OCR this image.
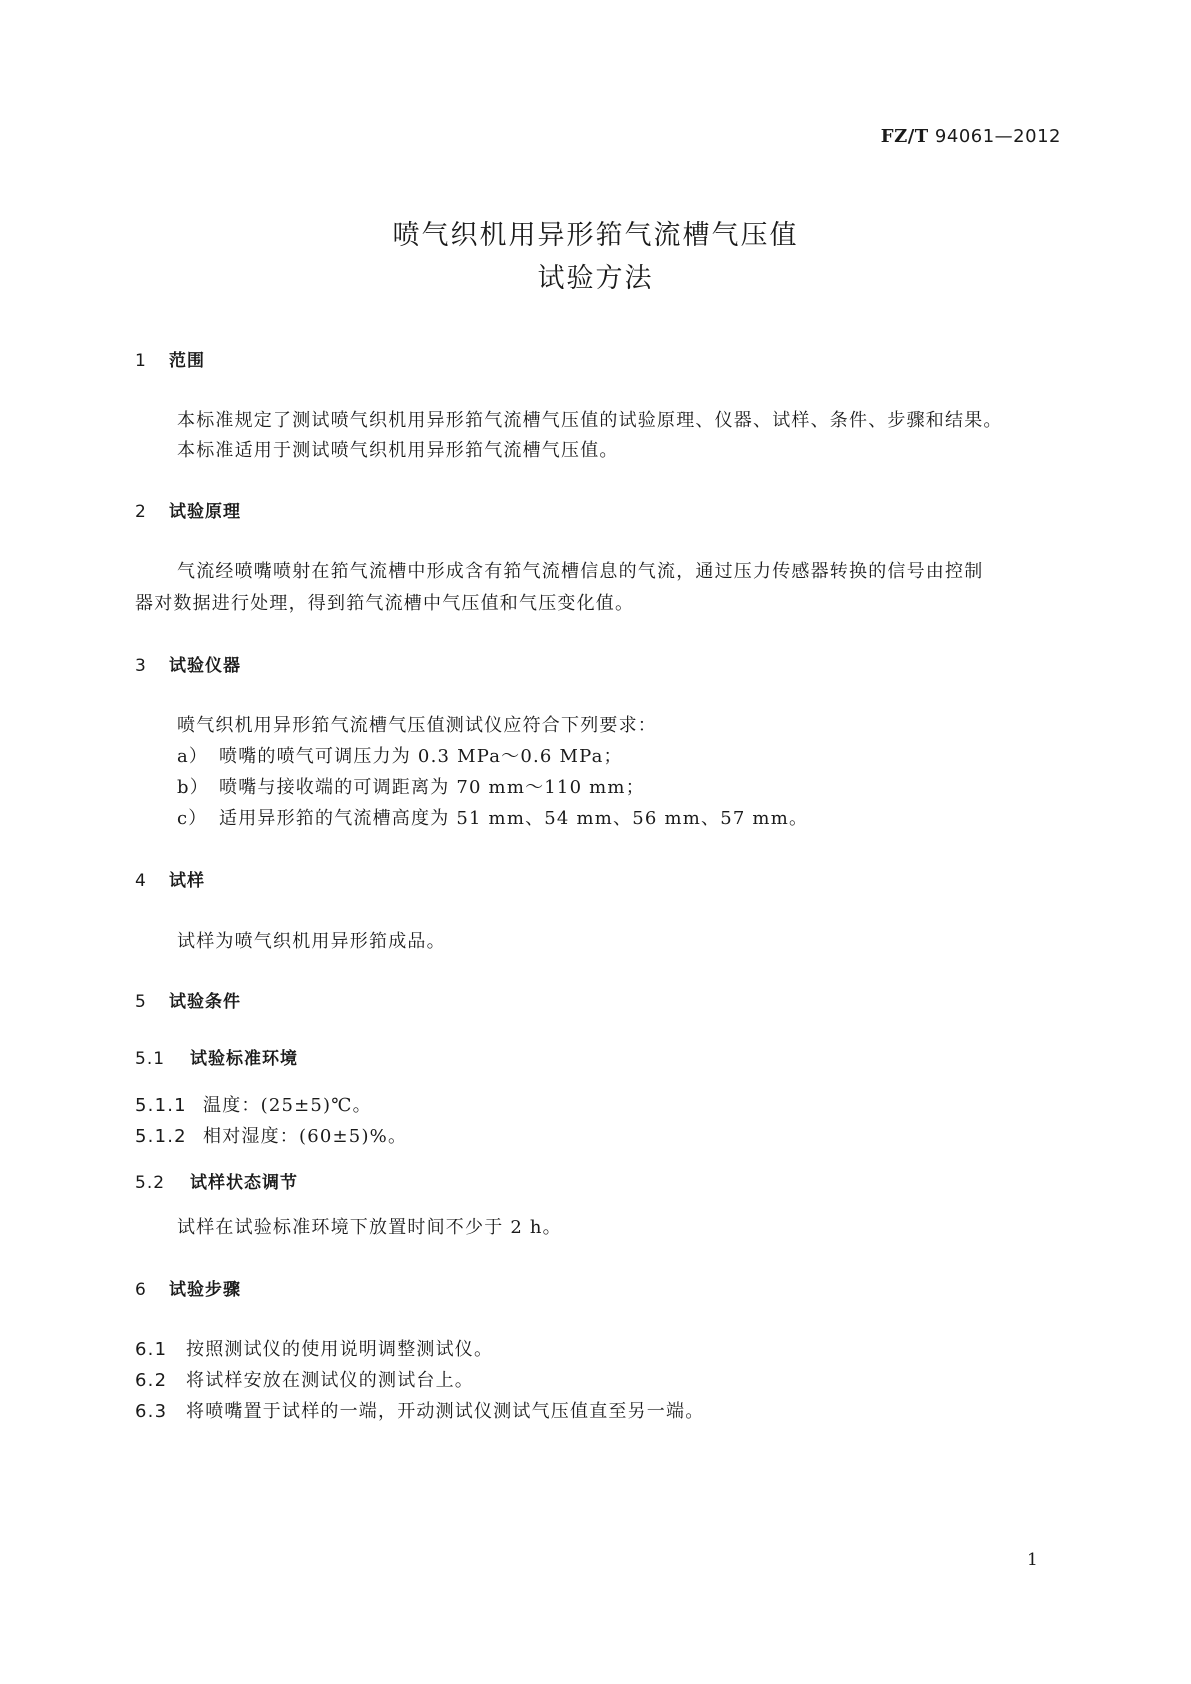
FZ/T 94061—2012
喷气织机用异形筘气流槽气压值
试验方法
1 范围
本标准规定了测试喷气织机用异形筘气流槽气压值的试验原理、仪器、试样、条件、步骤和结果。
本标准适用于测试喷气织机用异形筘气流槽气压值。
2 试验原理
气流经喷嘴喷射在筘气流槽中形成含有筘气流槽信息的气流，通过压力传感器转换的信号由控制
器对数据进行处理，得到筘气流槽中气压值和气压变化值。
3 试验仪器
喷气织机用异形筘气流槽气压值测试仪应符合下列要求：
a） 喷嘴的喷气可调压力为 0.3 MPa～0.6 MPa；
b） 喷嘴与接收端的可调距离为 70 mm～110 mm；
c） 适用异形筘的气流槽高度为 51 mm、54 mm、56 mm、57 mm。
4 试样
试样为喷气织机用异形筘成品。
5 试验条件
5.1 试验标准环境
5.1.1 温度：(25±5)℃。
5.1.2 相对湿度：(60±5)%。
5.2 试样状态调节
试样在试验标准环境下放置时间不少于 2 h。
6 试验步骤
6.1 按照测试仪的使用说明调整测试仪。
6.2 将试样安放在测试仪的测试台上。
6.3 将喷嘴置于试样的一端，开动测试仪测试气压值直至另一端。
1
